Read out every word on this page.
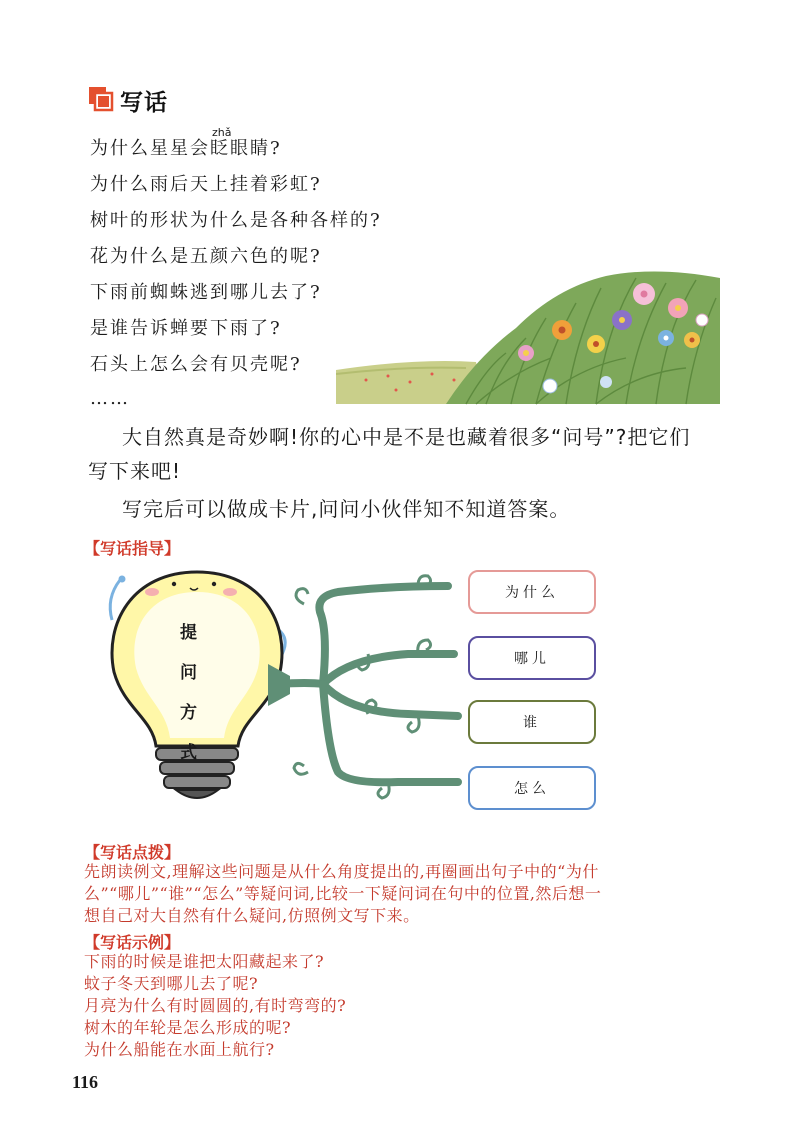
写话
zhǎ
为什么星星会眨眼睛?
为什么雨后天上挂着彩虹?
树叶的形状为什么是各种各样的?
花为什么是五颜六色的呢?
下雨前蜘蛛逃到哪儿去了?
是谁告诉蝉要下雨了?
石头上怎么会有贝壳呢?
……
大自然真是奇妙啊!你的心中是不是也藏着很多“问号”?把它们
写下来吧!
写完后可以做成卡片,问问小伙伴知不知道答案。
【写话指导】
提
问
方
式
为什么
哪儿
谁
怎么
【写话点拨】
先朗读例文,理解这些问题是从什么角度提出的,再圈画出句子中的“为什
么”“哪儿”“谁”“怎么”等疑问词,比较一下疑问词在句中的位置,然后想一
想自己对大自然有什么疑问,仿照例文写下来。
【写话示例】
下雨的时候是谁把太阳藏起来了?
蚊子冬天到哪儿去了呢?
月亮为什么有时圆圆的,有时弯弯的?
树木的年轮是怎么形成的呢?
为什么船能在水面上航行?
116
